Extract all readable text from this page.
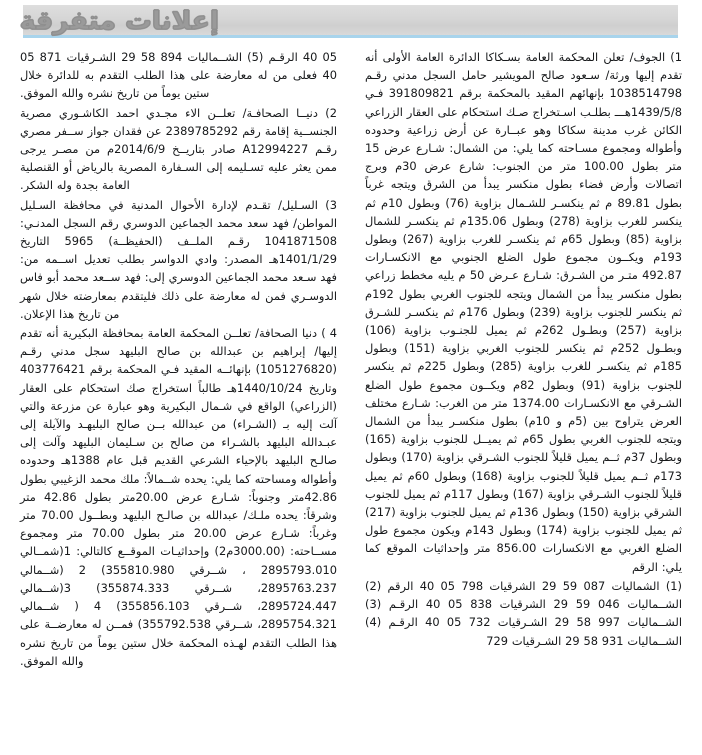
إعلانات متفرقة

1) الجوف/ تعلن المحكمة العامة بسـكاكا الدائرة العامة الأولى أنه تقدم إليها ورثة/ سـعود صالح المويشير حامل السجل مدني رقـم 1038514798 بإنهائهم المقيد بالمحكمة برقم 391809821 فـي 1439/5/8هـــ بطلـب اسـتخراج صـك استحكام على العقار الزراعي الكائن غرب مدينة سكاكا وهو عبــارة عن أرض زراعية وحدوده وأطواله ومجموع مسـاحته كما يلي: من الشمال: شـارع عرض 15 متر بطول 100.00 متر من الجنوب: شارع عرض 30م وبرج اتصالات وأرض فضاء بطول منكسر يبدأ من الشرق ويتجه غرباً بطول 89.81 م ثم ينكسـر للشـمال بزاوية (76) وبطول 10م ثم ينكسر للغرب بزاوية (278) وبطول 135.06م ثم ينكسـر للشمال بزاوية (85) وبطول 65م ثم ينكسـر للغرب بزاوية (267) وبطول 193م ويكــون مجموع طول الضلع الجنوبي مع الانكسـارات 492.87 متـر من الشـرق: شـارع عـرض 50 م يليه مخطط زراعي بطول منكسر يبدأ من الشمال ويتجه للجنوب الغربي بطول 192م ثم ينكسر للجنوب بزاوية (239) وبطول 176م ثم ينكسـر للشـرق بزاوية (257) وبطـول 262م ثم يميل للجنـوب بزاوية (106) وبطـول 252م ثم ينكسر للجنوب الغربي بزاوية (151) وبطول 185م ثم ينكسـر للغرب بزاوية (285) وبطول 225م ثم ينكسر للجنوب بزاوية (91) وبطول 82م ويكــون مجموع طول الضلع الشـرقي مع الانكسـارات 1374.00 متر من الغرب: شـارع مختلف العرض يتراوح بين (5م و 10م) بطول منكسـر يبدأ من الشمال ويتجه للجنوب الغربي بطول 65م ثم يميــل للجنوب بزاوية (165) وبطول 37م ثــم يميل قليلاً للجنوب الشـرقي بزاوية (170) وبطول 173م ثــم يميل قليلاً للجنوب بزاوية (168) وبطول 60م ثم يميل قليلاً للجنوب الشـرقي بزاوية (167) وبطول 117م ثم يميل للجنوب الشرقي بزاوية (150) وبطول 136م ثم يميل للجنوب بزاوية (217) ثم يميل للجنوب بزاوية (174) وبطول 143م ويكون مجموع طول الضلع الغربي مع الانكسارات 856.00 متر وإحداثيات الموقع كما يلي: الرقم

(1) الشماليات 087 59 29 الشرقيات 798 05 40 الرقم (2) الشــماليات 046 59 29 الشرقيات 838 05 40 الرقـم (3) الشــماليات 997 58 29 الشـرقيات 732 05 40 الرقـم (4) الشــماليات 931 58 29 الشـرقيات 729

05 40 الرقـم (5) الشــماليات 894 58 29 الشـرقيات 871 05 40 فعلى من له معارضة على هذا الطلب التقدم به للدائرة خلال ستين يوماً من تاريخ نشره والله الموفق.

2) دنيــا الصحافـة/ تعلــن الاء مجـدي احمد الكاشـوري مصرية الجنســية إقامة رقم 2389785292 عن فقدان جواز ســفر مصري رقـم A12994227 صادر بتاريــخ 2014/6/9م من مصـر يرجى ممن يعثر عليه تسـليمه إلى السـفارة المصرية بالرياض أو القنصلية العامة بجدة وله الشكر.

3) السـليل/ تقـدم لإدارة الأحوال المدنية في محافظة السـليل المواطن/ فهد سعد محمد الجماعين الدوسري رقم السجل المدنـي: 1041871508 رقـم الملــف (الحفيظــة) 5965 التاريخ 1401/1/29هـ المصدر: وادي الدواسر بطلب تعديل اســمه من: فهد سـعد محمد الجماعين الدوسري إلى: فهد ســعد محمد أبو فاس الدوسـري فمن له معارضة على ذلك فليتقدم بمعارضته خلال شهر من تاريخ هذا الإعلان.

4 ) دنيا الصحافة/ تعلــن المحكمة العامة بمحافظة البكيرية أنه تقدم إليها/ إبراهيم بن عبدالله بن صالح البليهد سجل مدني رقـم (1051276820) بإنهائــه المقيد فـي المحكمة برقم 403776421 وتاريخ 1440/10/24هـ طالباً استخراج صك استحكام على العقار (الزراعي) الواقع في شـمال البكيرية وهو عبارة عن مزرعة والتي آلت إليه بـ (الشـراء) من عبدالله بــن صالح البليهـد والآيلة إلى عبـدالله البليهد بالشـراء من صالح بن سـليمان البليهد وآلت إلى صالـح البليهد بالإحياء الشرعي القديم قبل عام 1388هـ وحدوده وأطواله ومساحته كما يلي: يحده شــمالاً: ملك محمد الزغيبي بطول 42.86متر وجنوباً: شـارع عرض 20.00متر بطول 42.86 متر وشرقاً: يحده ملـك/ عبدالله بن صالـح البليهد وبطــول 70.00 متر وغرباً: شـارع عرض 20.00 متر بطول 70.00 متر ومجموع مســاحته: (3000.00م2) وإحداثيـات الموقــع كالتالي: 1(شمــالي 2895793.010 ، شــرقي 355810.980) 2 (شــمالي 2895763.237، شــرقي 355874.333) 3(شــمالي 2895724.447، شــرقي 355856.103) 4 ( شــمالي 2895754.321، شــرقي 355792.538) فمــن له معارضــة على هذا الطلب التقدم لهـذه المحكمة خلال ستين يوماً من تاريخ نشره والله الموفق.
